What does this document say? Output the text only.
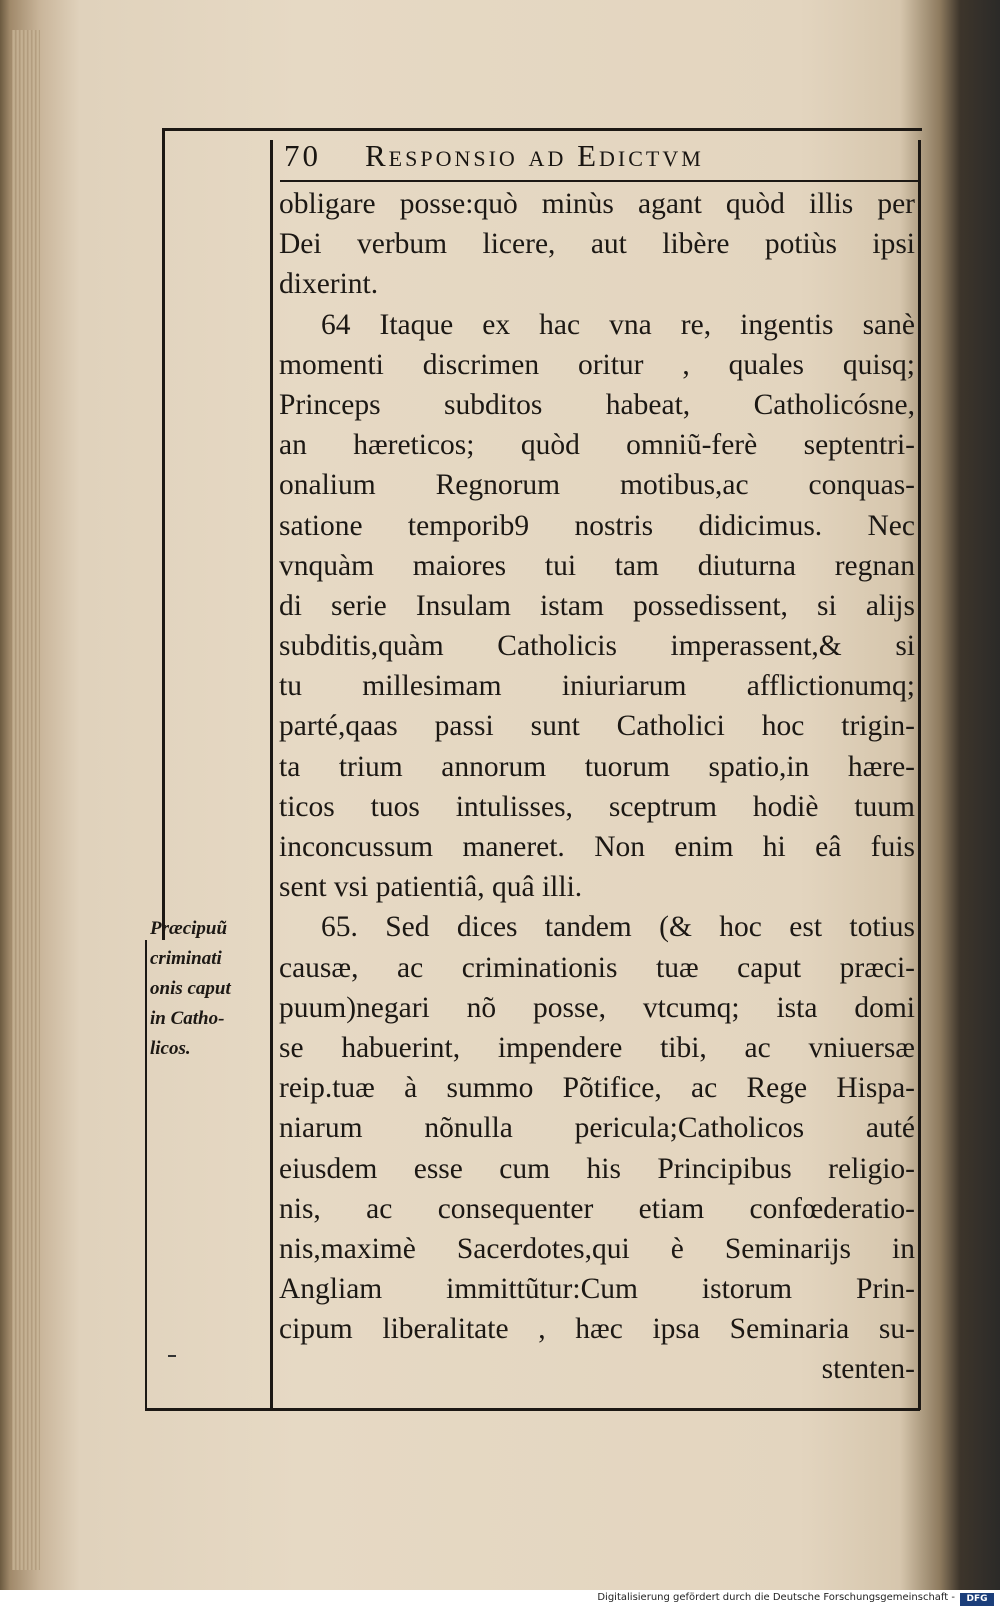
70 Responsio ad Edictvm
obligare posse:quò minùs agant quòd illis per
Dei verbum licere, aut libère potiùs ipsi
dixerint.
64 Itaque ex hac vna re, ingentis sanè
momenti discrimen oritur , quales quisq;
Princeps subditos habeat, Catholicósne,
an hæreticos; quòd omniũ-ferè septentri-
onalium Regnorum motibus,ac conquas-
satione temporib9 nostris didicimus. Nec
vnquàm maiores tui tam diuturna regnan
di serie Insulam istam possedissent, si alijs
subditis,quàm Catholicis imperassent,& si
tu millesimam iniuriarum afflictionumq;
parté,qaas passi sunt Catholici hoc trigin-
ta trium annorum tuorum spatio,in hære-
ticos tuos intulisses, sceptrum hodiè tuum
inconcussum maneret. Non enim hi eâ fuis
sent vsi patientiâ, quâ illi.
65. Sed dices tandem (& hoc est totius
causæ, ac criminationis tuæ caput præci-
puum)negari nõ posse, vtcumq; ista domi
se habuerint, impendere tibi, ac vniuersæ
reip.tuæ à summo Põtifice, ac Rege Hispa-
niarum nõnulla pericula;Catholicos auté
eiusdem esse cum his Principibus religio-
nis, ac consequenter etiam confœderatio-
nis,maximè Sacerdotes,qui è Seminarijs in
Angliam immittũtur:Cum istorum Prin-
cipum liberalitate , hæc ipsa Seminaria su-
stenten-
Præcipuũ
criminati
onis caput
in Catho-
licos.
Digitalisierung gefördert durch die Deutsche Forschungsgemeinschaft -	DFG
